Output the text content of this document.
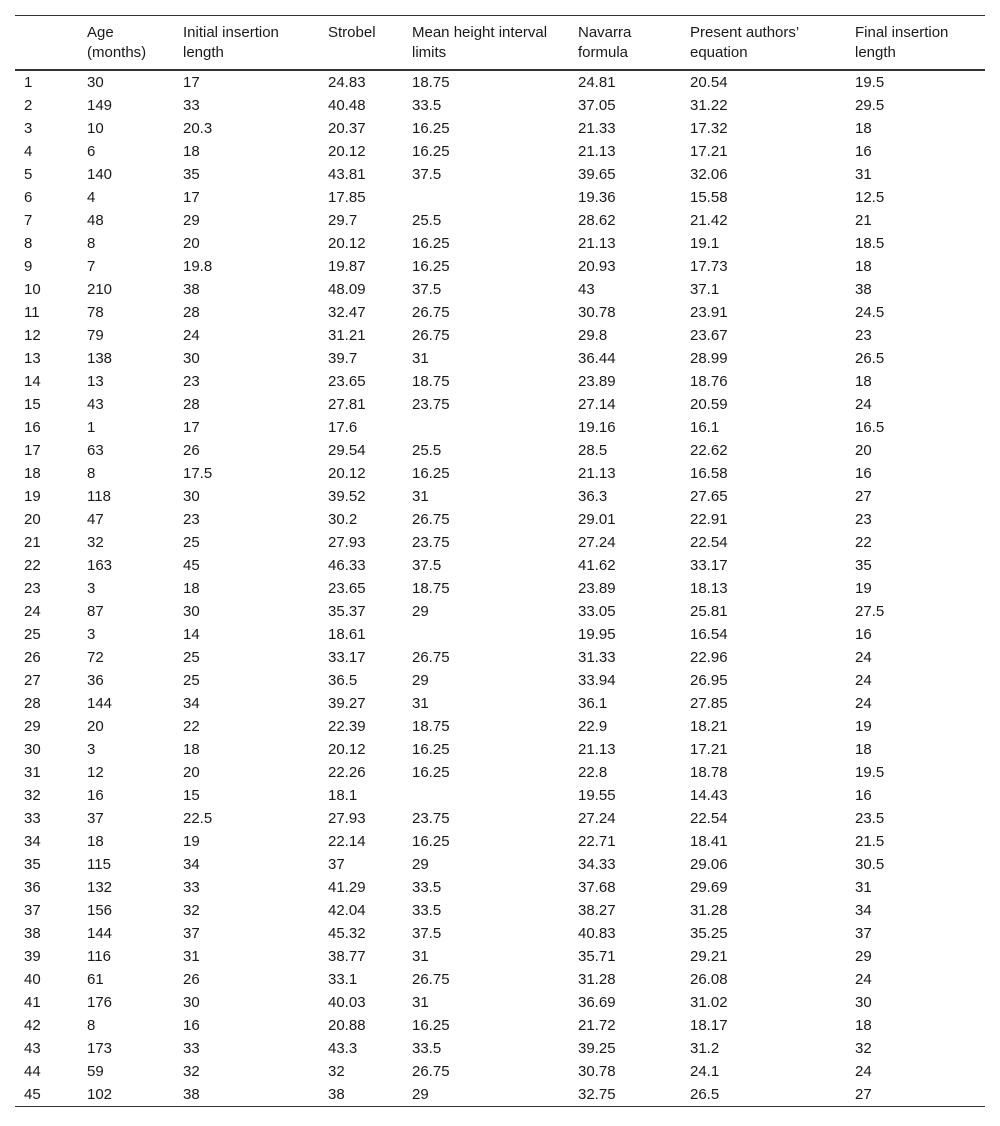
	Age (months)	Initial insertion length	Strobel	Mean height interval limits	Navarra formula	Present authors’ equation	Final insertion length
1	30	17	24.83	18.75	24.81	20.54	19.5
2	149	33	40.48	33.5	37.05	31.22	29.5
3	10	20.3	20.37	16.25	21.33	17.32	18
4	6	18	20.12	16.25	21.13	17.21	16
5	140	35	43.81	37.5	39.65	32.06	31
6	4	17	17.85		19.36	15.58	12.5
7	48	29	29.7	25.5	28.62	21.42	21
8	8	20	20.12	16.25	21.13	19.1	18.5
9	7	19.8	19.87	16.25	20.93	17.73	18
10	210	38	48.09	37.5	43	37.1	38
11	78	28	32.47	26.75	30.78	23.91	24.5
12	79	24	31.21	26.75	29.8	23.67	23
13	138	30	39.7	31	36.44	28.99	26.5
14	13	23	23.65	18.75	23.89	18.76	18
15	43	28	27.81	23.75	27.14	20.59	24
16	1	17	17.6		19.16	16.1	16.5
17	63	26	29.54	25.5	28.5	22.62	20
18	8	17.5	20.12	16.25	21.13	16.58	16
19	118	30	39.52	31	36.3	27.65	27
20	47	23	30.2	26.75	29.01	22.91	23
21	32	25	27.93	23.75	27.24	22.54	22
22	163	45	46.33	37.5	41.62	33.17	35
23	3	18	23.65	18.75	23.89	18.13	19
24	87	30	35.37	29	33.05	25.81	27.5
25	3	14	18.61		19.95	16.54	16
26	72	25	33.17	26.75	31.33	22.96	24
27	36	25	36.5	29	33.94	26.95	24
28	144	34	39.27	31	36.1	27.85	24
29	20	22	22.39	18.75	22.9	18.21	19
30	3	18	20.12	16.25	21.13	17.21	18
31	12	20	22.26	16.25	22.8	18.78	19.5
32	16	15	18.1		19.55	14.43	16
33	37	22.5	27.93	23.75	27.24	22.54	23.5
34	18	19	22.14	16.25	22.71	18.41	21.5
35	115	34	37	29	34.33	29.06	30.5
36	132	33	41.29	33.5	37.68	29.69	31
37	156	32	42.04	33.5	38.27	31.28	34
38	144	37	45.32	37.5	40.83	35.25	37
39	116	31	38.77	31	35.71	29.21	29
40	61	26	33.1	26.75	31.28	26.08	24
41	176	30	40.03	31	36.69	31.02	30
42	8	16	20.88	16.25	21.72	18.17	18
43	173	33	43.3	33.5	39.25	31.2	32
44	59	32	32	26.75	30.78	24.1	24
45	102	38	38	29	32.75	26.5	27
